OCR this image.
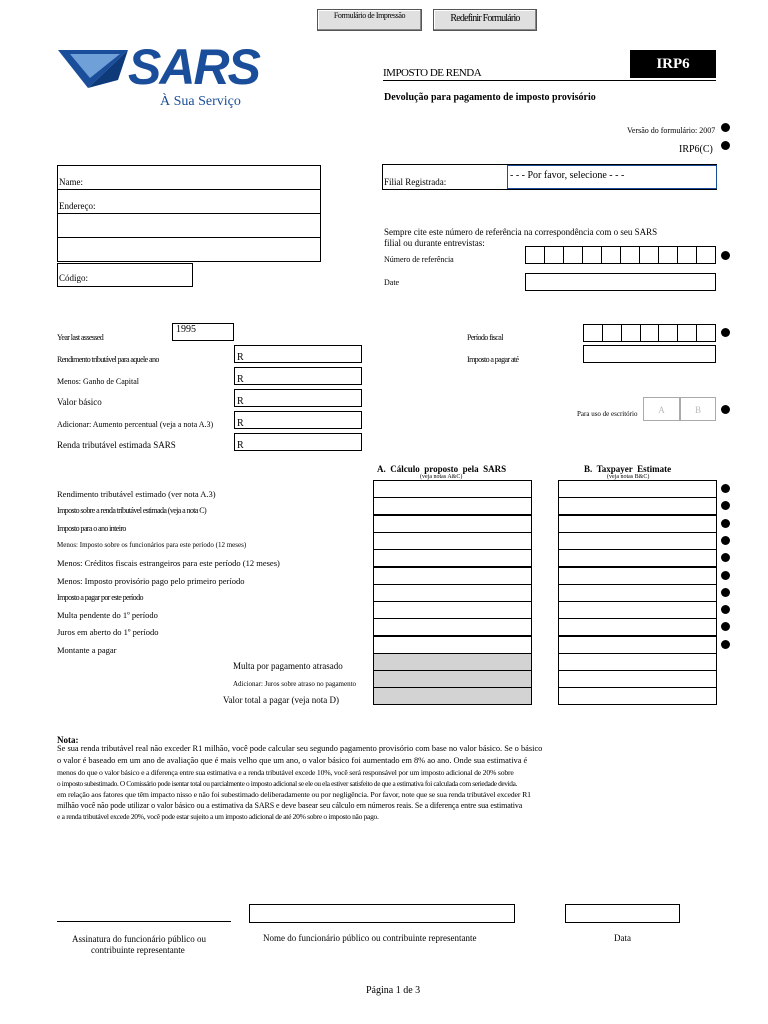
Formulário de Impressão	Redefinir Formulário
SARS
À Sua Serviço
IMPOSTO DE RENDA
IRP6
Devolução para pagamento de imposto provisório
Versão do formulário: 2007
IRP6(C)
Name:
Endereço:
Código:
Filial Registrada:
- - - Por favor, selecione - - -
Sempre cite este número de referência na correspondência com o seu SARS
filial ou durante entrevistas:
Número de referência
Date
Year last assessed
1995
Rendimento tributável para aquele ano	R
Menos: Ganho de Capital	R
Valor básico	R
Adicionar: Aumento percentual (veja a nota A.3)	R
Renda tributável estimada SARS	R
Período fiscal
Imposto a pagar até
Para uso de escritório	A	B
A.  Cálculo  proposto  pela  SARS
(veja notas A&C)
B.  Taxpayer  Estimate
(veja notas B&C)
Rendimento tributável estimado (ver nota A.3)
Imposto sobre a renda tributável estimada (veja a nota C)
Imposto para o ano inteiro
Menos: Imposto sobre os funcionários para este período (12 meses)
Menos: Créditos fiscais estrangeiros para este período (12 meses)
Menos: Imposto provisório pago pelo primeiro período
Imposto a pagar por este período
Multa pendente do 1º período
Juros em aberto do 1º período
Montante a pagar
Multa por pagamento atrasado
Adicionar: Juros sobre atraso no pagamento
Valor total a pagar (veja nota D)
Nota:
Se sua renda tributável real não exceder R1 milhão, você pode calcular seu segundo pagamento provisório com base no valor básico. Se o básico
o valor é baseado em um ano de avaliação que é mais velho que um ano, o valor básico foi aumentado em 8% ao ano. Onde sua estimativa é
menos do que o valor básico e a diferença entre sua estimativa e a renda tributável excede 10%, você será responsável por um imposto adicional de 20% sobre
o imposto subestimado. O Comissário pode isentar total ou parcialmente o imposto adicional se ele ou ela estiver satisfeito de que a estimativa foi calculada com seriedade devida.
em relação aos fatores que têm impacto nisso e não foi subestimado deliberadamente ou por negligência. Por favor, note que se sua renda tributável exceder R1
milhão você não pode utilizar o valor básico ou a estimativa da SARS e deve basear seu cálculo em números reais. Se a diferença entre sua estimativa
e a renda tributável excede 20%, você pode estar sujeito a um imposto adicional de até 20% sobre o imposto não pago.
Assinatura do funcionário público ou
contribuinte representante
Nome do funcionário público ou contribuinte representante	Data
Página 1 de 3
